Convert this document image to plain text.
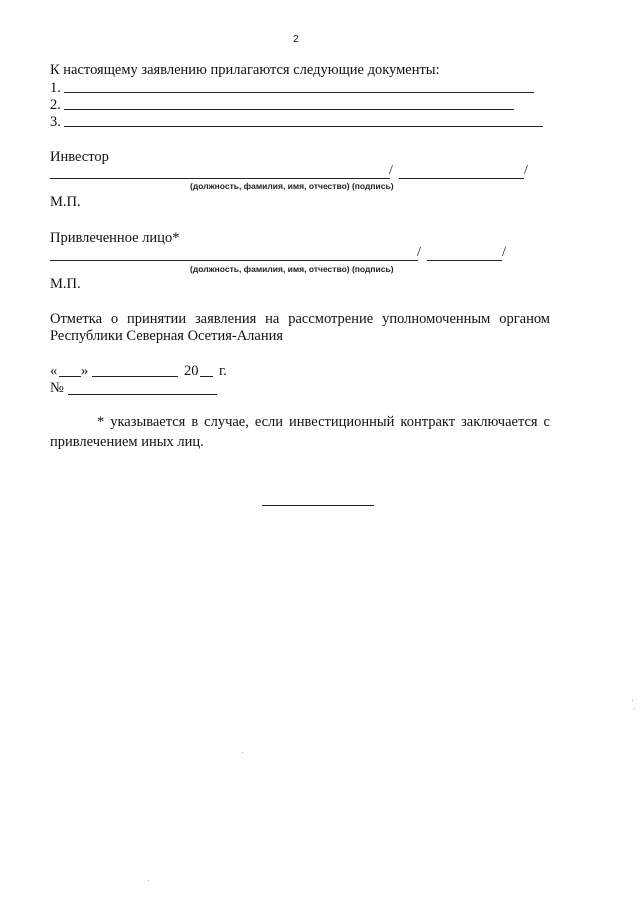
2
К настоящему заявлению прилагаются следующие документы:
1.
2.
3.
Инвестор
/	/
(должность, фамилия, имя, отчество) (подпись)
М.П.
Привлеченное лицо*
/	/
(должность, фамилия, имя, отчество) (подпись)
М.П.
Отметка о принятии заявления на рассмотрение уполномоченным органом
Республики Северная Осетия-Алания
« »	20 г.
№
* указывается в случае, если инвестиционный контракт заключается с
привлечением иных лиц.
